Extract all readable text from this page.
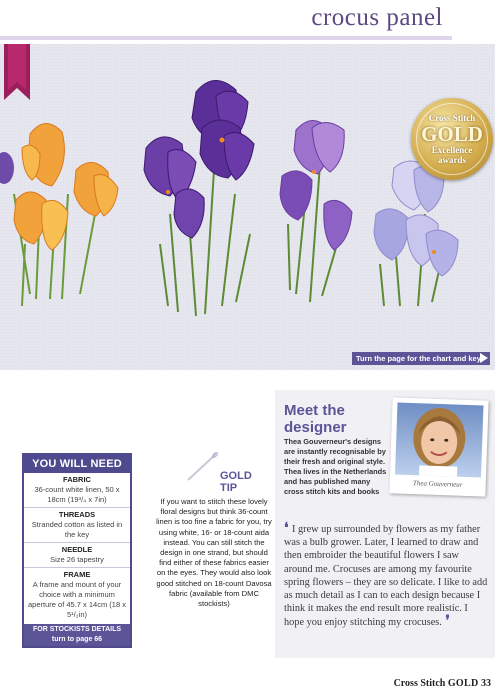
crocus panel
Cross Stitch
GOLD
Excellence
awards
Turn the page for the chart and key
YOU WILL NEED
FABRIC
36-count white linen, 50 x 18cm (19³/₄ x 7in)
THREADS
Stranded cotton as listed in the key
NEEDLE
Size 26 tapestry
FRAME
A frame and mount of your choice with a minimum aperture of 45.7 x 14cm (18 x 5¹/₂in)
FOR STOCKISTS DETAILS
turn to page 66
GOLD
TIP
If you want to stitch these lovely floral designs but think 36-count linen is too fine a fabric for you, try using white, 16- or 18-count aida instead. You can still stitch the design in one strand, but should find either of these fabrics easier on the eyes. They would also look good stitched on 18-count Davosa fabric (available from DMC stockists)
Meet the
designer
Thea Gouverneur's designs are instantly recognisable by their fresh and original style. Thea lives in the Netherlands and has published many cross stitch kits and books
Thea Gouverneur
❛ I grew up surrounded by flowers as my father was a bulb grower. Later, I learned to draw and then embroider the beautiful flowers I saw around me. Crocuses are among my favourite spring flowers – they are so delicate. I like to add as much detail as I can to each design because I think it makes the end result more realistic. I hope you enjoy stitching my crocuses. ❜
Cross Stitch GOLD 33
